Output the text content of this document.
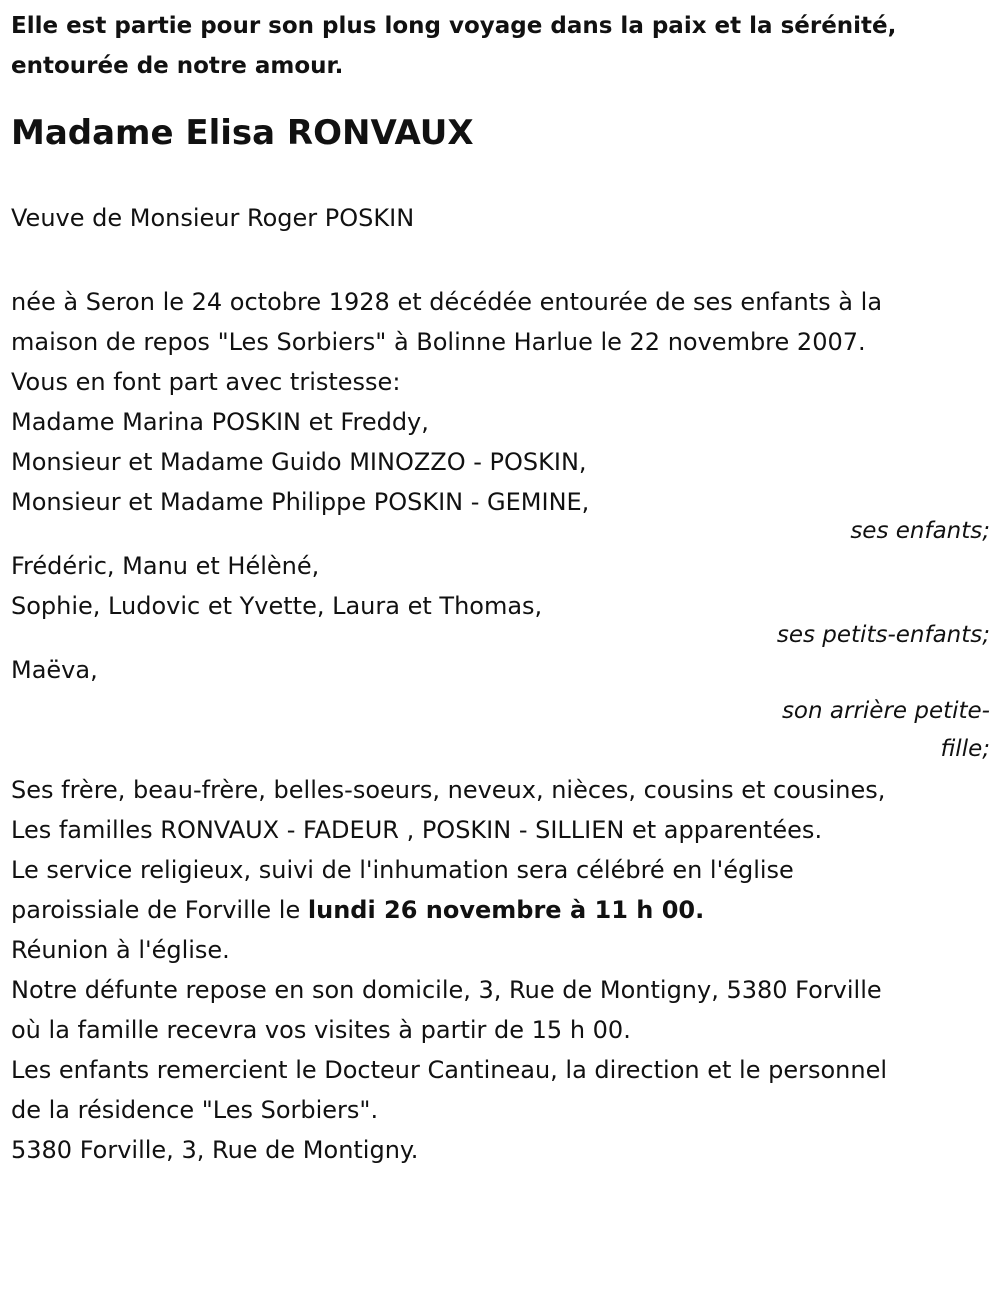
Elle est partie pour son plus long voyage dans la paix et la sérénité,
entourée de notre amour.
Madame Elisa RONVAUX

Veuve de Monsieur Roger POSKIN

née à Seron le 24 octobre 1928 et décédée entourée de ses enfants à la
maison de repos "Les Sorbiers" à Bolinne Harlue le 22 novembre 2007.
Vous en font part avec tristesse:
Madame Marina POSKIN et Freddy,
Monsieur et Madame Guido MINOZZO - POSKIN,
Monsieur et Madame Philippe POSKIN - GEMINE,
ses enfants;
Frédéric, Manu et Hélèné,
Sophie, Ludovic et Yvette, Laura et Thomas,
ses petits-enfants;
Maëva,
son arrière petite-fille;
Ses frère, beau-frère, belles-soeurs, neveux, nièces, cousins et cousines,
Les familles RONVAUX - FADEUR , POSKIN - SILLIEN et apparentées.
Le service religieux, suivi de l'inhumation sera célébré en l'église
paroissiale de Forville le lundi 26 novembre à 11 h 00.
Réunion à l'église.
Notre défunte repose en son domicile, 3, Rue de Montigny, 5380 Forville
où la famille recevra vos visites à partir de 15 h 00.
Les enfants remercient le Docteur Cantineau, la direction et le personnel
de la résidence "Les Sorbiers".
5380 Forville, 3, Rue de Montigny.
